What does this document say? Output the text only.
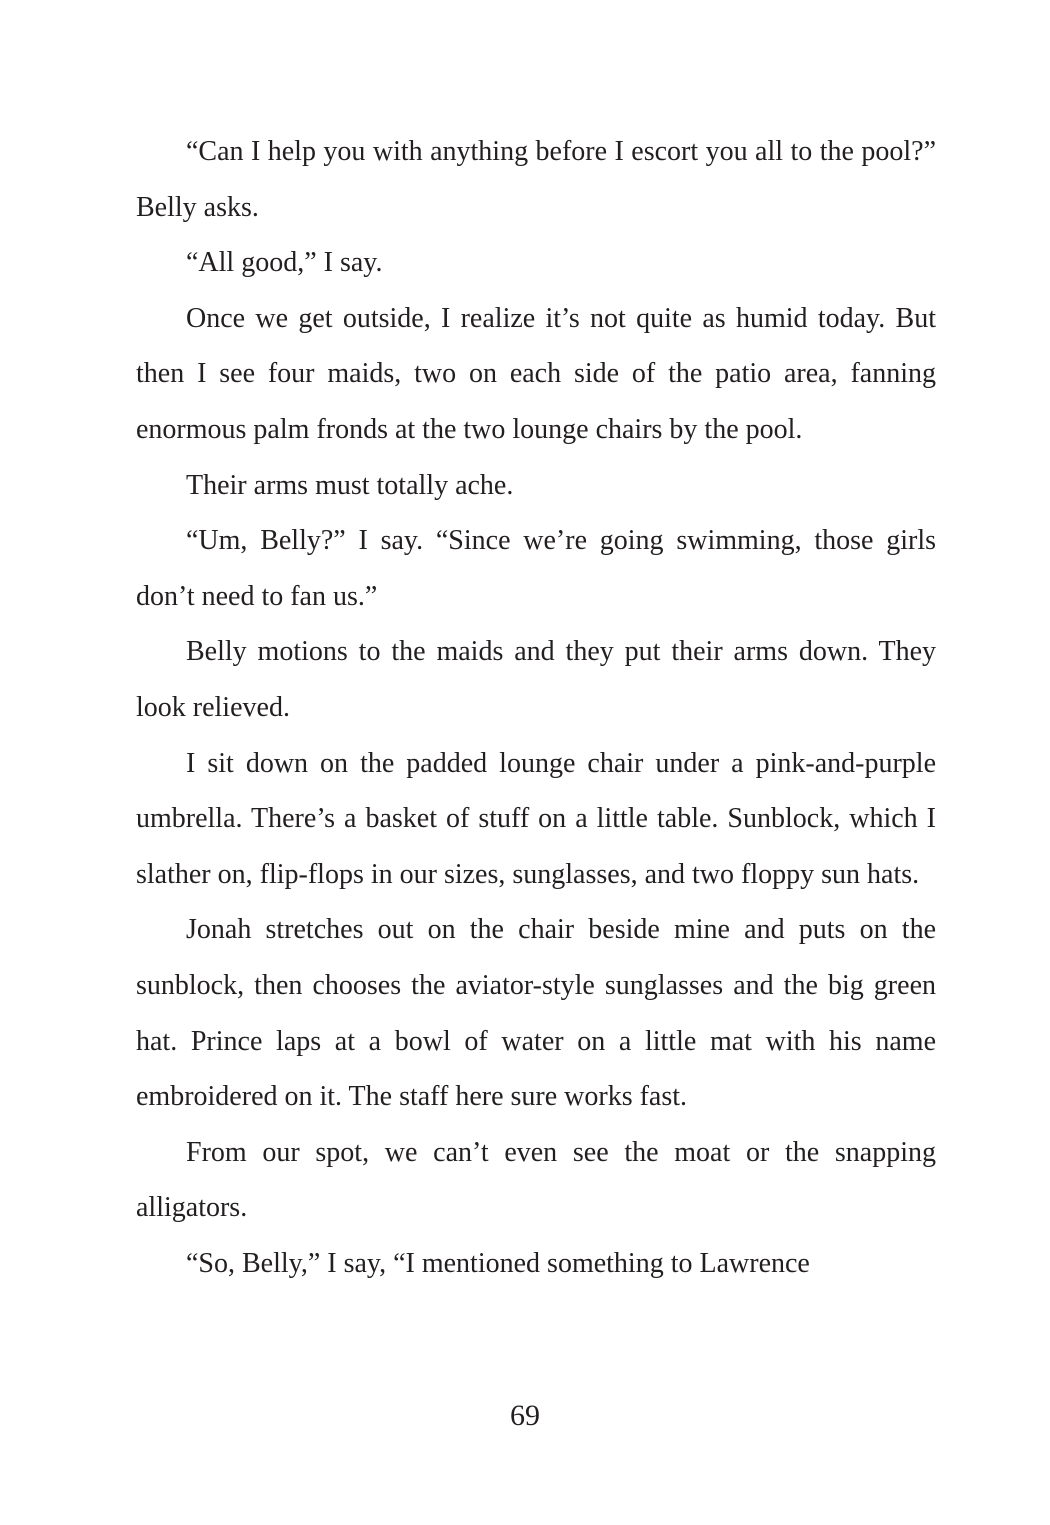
“Can I help you with anything before I escort you all to the pool?” Belly asks.

“All good,” I say.

Once we get outside, I realize it’s not quite as humid today. But then I see four maids, two on each side of the patio area, fanning enormous palm fronds at the two lounge chairs by the pool.

Their arms must totally ache.

“Um, Belly?” I say. “Since we’re going swimming, those girls don’t need to fan us.”

Belly motions to the maids and they put their arms down. They look relieved.

I sit down on the padded lounge chair under a pink-and-purple umbrella. There’s a basket of stuff on a little table. Sunblock, which I slather on, flip-flops in our sizes, sunglasses, and two floppy sun hats.

Jonah stretches out on the chair beside mine and puts on the sunblock, then chooses the aviator-style sunglasses and the big green hat. Prince laps at a bowl of water on a little mat with his name embroidered on it. The staff here sure works fast.

From our spot, we can’t even see the moat or the snapping alligators.

“So, Belly,” I say, “I mentioned something to Lawrence

69
